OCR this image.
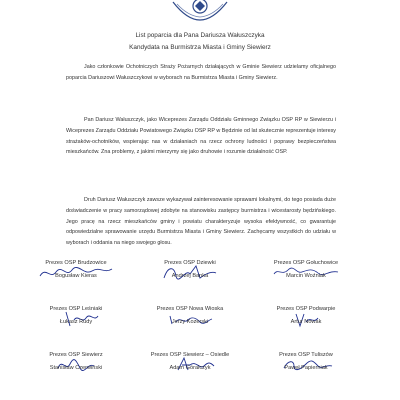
List poparcia dla Pana Dariusza Wałuszczyka
Kandydata na Burmistrza Miasta i Gminy Siewierz
Jako członkowie Ochotniczych Straży Pożarnych działających w Gminie Siewierz udzielamy oficjalnego poparcia Dariuszowi Wałuszczykowi w wyborach na Burmistrza Miasta i Gminy Siewierz.
Pan Dariusz Wałuszczyk, jako Wiceprezes Zarządu Oddziału Gminnego Związku OSP RP w Siewierzu i Wiceprezes Zarządu Oddziału Powiatowego Związku OSP RP w Będzinie od lat skutecznie reprezentuje interesy strażaków-ochotników, wspierając nas w działaniach na rzecz ochrony ludności i poprawy bezpieczeństwa mieszkańców. Zna problemy, z jakimi mierzymy się jako druhowie i rozumie działalność OSP.
Druh Dariusz Wałuszczyk zawsze wykazywał zainteresowanie sprawami lokalnymi, do tego posiada duże doświadczenie w pracy samorządowej zdobyte na stanowisku zastępcy burmistrza i wicestarosty będzińskiego. Jego pracę na rzecz mieszkańców gminy i powiatu charakteryzuje wysoka efektywność, co gwarantuje odpowiedzialne sprawowanie urzędu Burmistrza Miasta i Gminy Siewierz. Zachęcamy wszystkich do udziału w wyborach i oddania na niego swojego głosu.
Prezes OSP Brudzowice
Bogusław Kieras
Prezes OSP Dziewki
Andrzej Banka
Prezes OSP Gołuchowice
Marcin Woźniak
Prezes OSP Leśniaki
Łukasz Rudy
Prezes OSP Nowa Wioska
Jerzy Kozerski
Prezes OSP Podwarpie
Artur Nowak
Prezes OSP Siewierz
Stanisław Czerwiński
Prezes OSP Siewierz – Osiedle
Adam Góralczyk
Prezes OSP Tuliszów
Paweł Papierniak
